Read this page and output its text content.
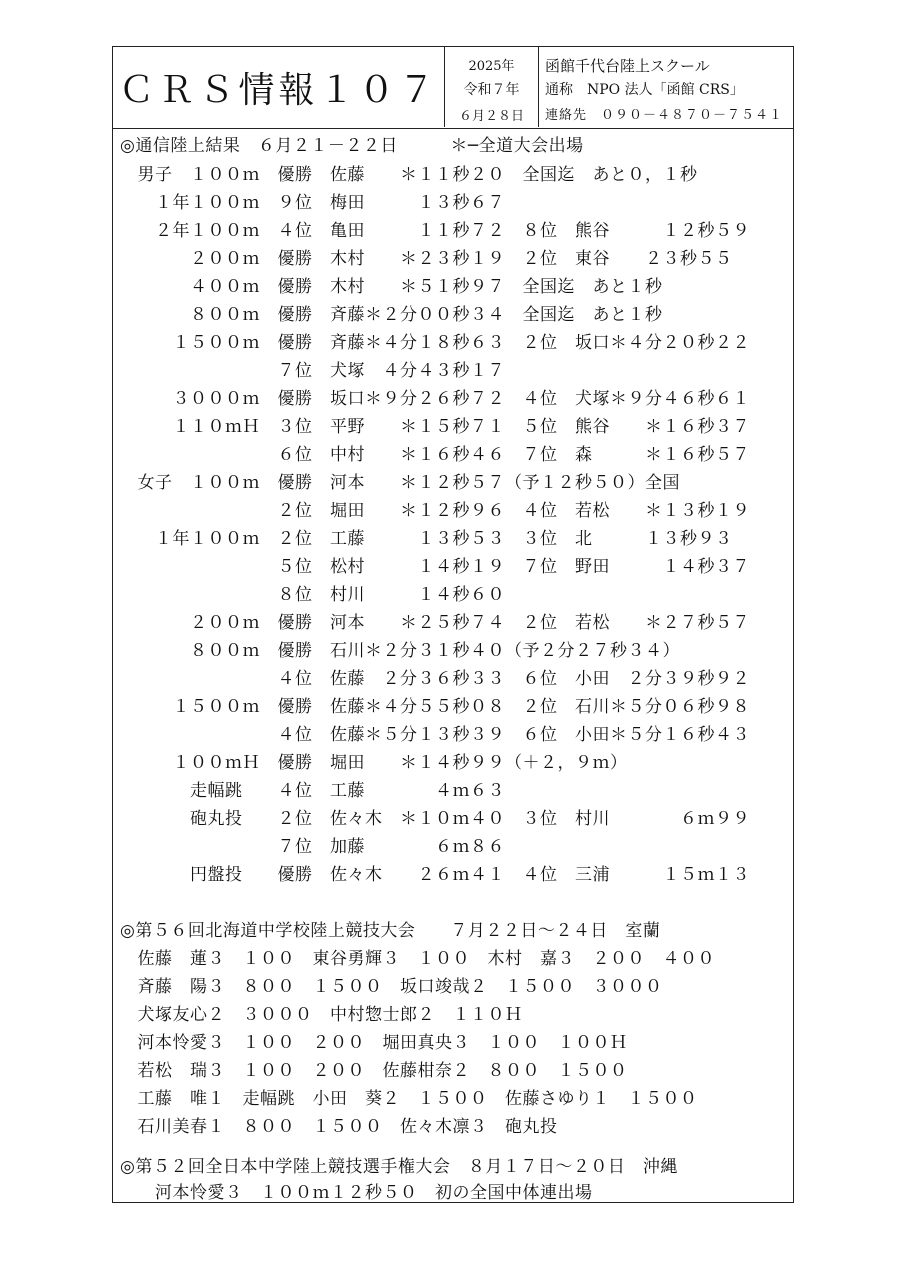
ＣＲＳ情報１０７
2025年
令和７年
６月２８日
函館千代台陸上スクール
通称　NPO 法人「函館 CRS」
連絡先　０９０－４８７０－７５４１
◎通信陸上結果　６月２１－２２日　　　＊─全道大会出場
　男子　１００ｍ　優勝　佐藤　　＊１１秒２０　全国迄　あと０，１秒
　　１年１００ｍ　９位　梅田　　　１３秒６７
　　２年１００ｍ　４位　亀田　　　１１秒７２　８位　熊谷　　　１２秒５９
　　　　２００ｍ　優勝　木村　　＊２３秒１９　２位　東谷　　２３秒５５
　　　　４００ｍ　優勝　木村　　＊５１秒９７　全国迄　あと１秒
　　　　８００ｍ　優勝　斉藤＊２分００秒３４　全国迄　あと１秒
　　　１５００ｍ　優勝　斉藤＊４分１８秒６３　２位　坂口＊４分２０秒２２
　　　　　　　　　７位　犬塚　４分４３秒１７
　　　３０００ｍ　優勝　坂口＊９分２６秒７２　４位　犬塚＊９分４６秒６１
　　　１１０ｍＨ　３位　平野　　＊１５秒７１　５位　熊谷　　＊１６秒３７
　　　　　　　　　６位　中村　　＊１６秒４６　７位　森　　　＊１６秒５７
　女子　１００ｍ　優勝　河本　　＊１２秒５７（予１２秒５０）全国
　　　　　　　　　２位　堀田　　＊１２秒９６　４位　若松　　＊１３秒１９
　　１年１００ｍ　２位　工藤　　　１３秒５３　３位　北　　　１３秒９３
　　　　　　　　　５位　松村　　　１４秒１９　７位　野田　　　１４秒３７
　　　　　　　　　８位　村川　　　１４秒６０
　　　　２００ｍ　優勝　河本　　＊２５秒７４　２位　若松　　＊２７秒５７
　　　　８００ｍ　優勝　石川＊２分３１秒４０（予２分２７秒３４）
　　　　　　　　　４位　佐藤　２分３６秒３３　６位　小田　２分３９秒９２
　　　１５００ｍ　優勝　佐藤＊４分５５秒０８　２位　石川＊５分０６秒９８
　　　　　　　　　４位　佐藤＊５分１３秒３９　６位　小田＊５分１６秒４３
　　　１００ｍＨ　優勝　堀田　　＊１４秒９９（＋２，９ｍ）
　　　　走幅跳　　４位　工藤　　　　４ｍ６３
　　　　砲丸投　　２位　佐々木　＊１０ｍ４０　３位　村川　　　　６ｍ９９
　　　　　　　　　７位　加藤　　　　６ｍ８６
　　　　円盤投　　優勝　佐々木　　２６ｍ４１　４位　三浦　　　１５ｍ１３
◎第５６回北海道中学校陸上競技大会　　７月２２日～２４日　室蘭
　佐藤　蓮３　１００　東谷勇輝３　１００　木村　嘉３　２００　４００
　斉藤　陽３　８００　１５００　坂口竣哉２　１５００　３０００
　犬塚友心２　３０００　中村惣士郎２　１１０Ｈ
　河本怜愛３　１００　２００　堀田真央３　１００　１００Ｈ
　若松　瑞３　１００　２００　佐藤柑奈２　８００　１５００
　工藤　唯１　走幅跳　小田　葵２　１５００　佐藤さゆり１　１５００
　石川美春１　８００　１５００　佐々木凛３　砲丸投
◎第５２回全日本中学陸上競技選手権大会　８月１７日～２０日　沖縄
　　河本怜愛３　１００ｍ１２秒５０　初の全国中体連出場
